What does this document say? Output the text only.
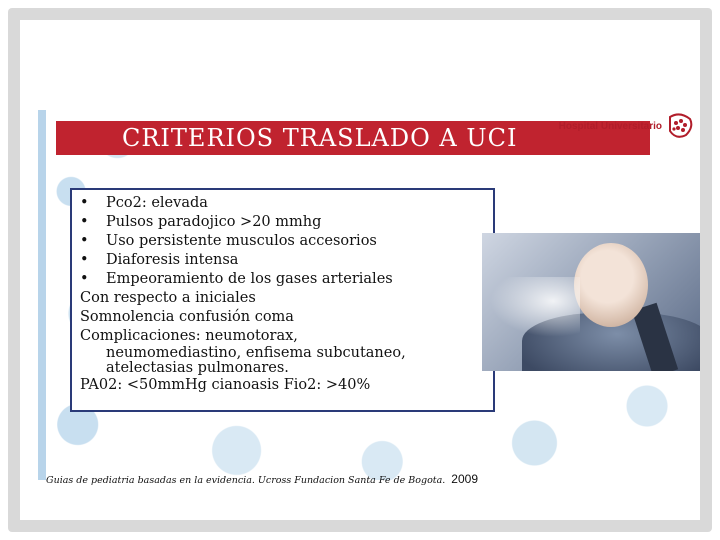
Hospital Universitario
CRITERIOS TRASLADO A UCI
•	Pco2: elevada
•	Pulsos paradojico >20 mmhg
•	Uso persistente musculos accesorios
•	Diaforesis intensa
•	Empeoramiento de los gases arteriales
Con respecto a iniciales
Somnolencia confusión coma
Complicaciones: neumotorax,
neumomediastino, enfisema subcutaneo,
atelectasias pulmonares.
PA02: <50mmHg cianoasis Fio2: >40%
Guias de pediatria basadas en la evidencia. Ucross Fundacion Santa Fe de Bogota. 2009
